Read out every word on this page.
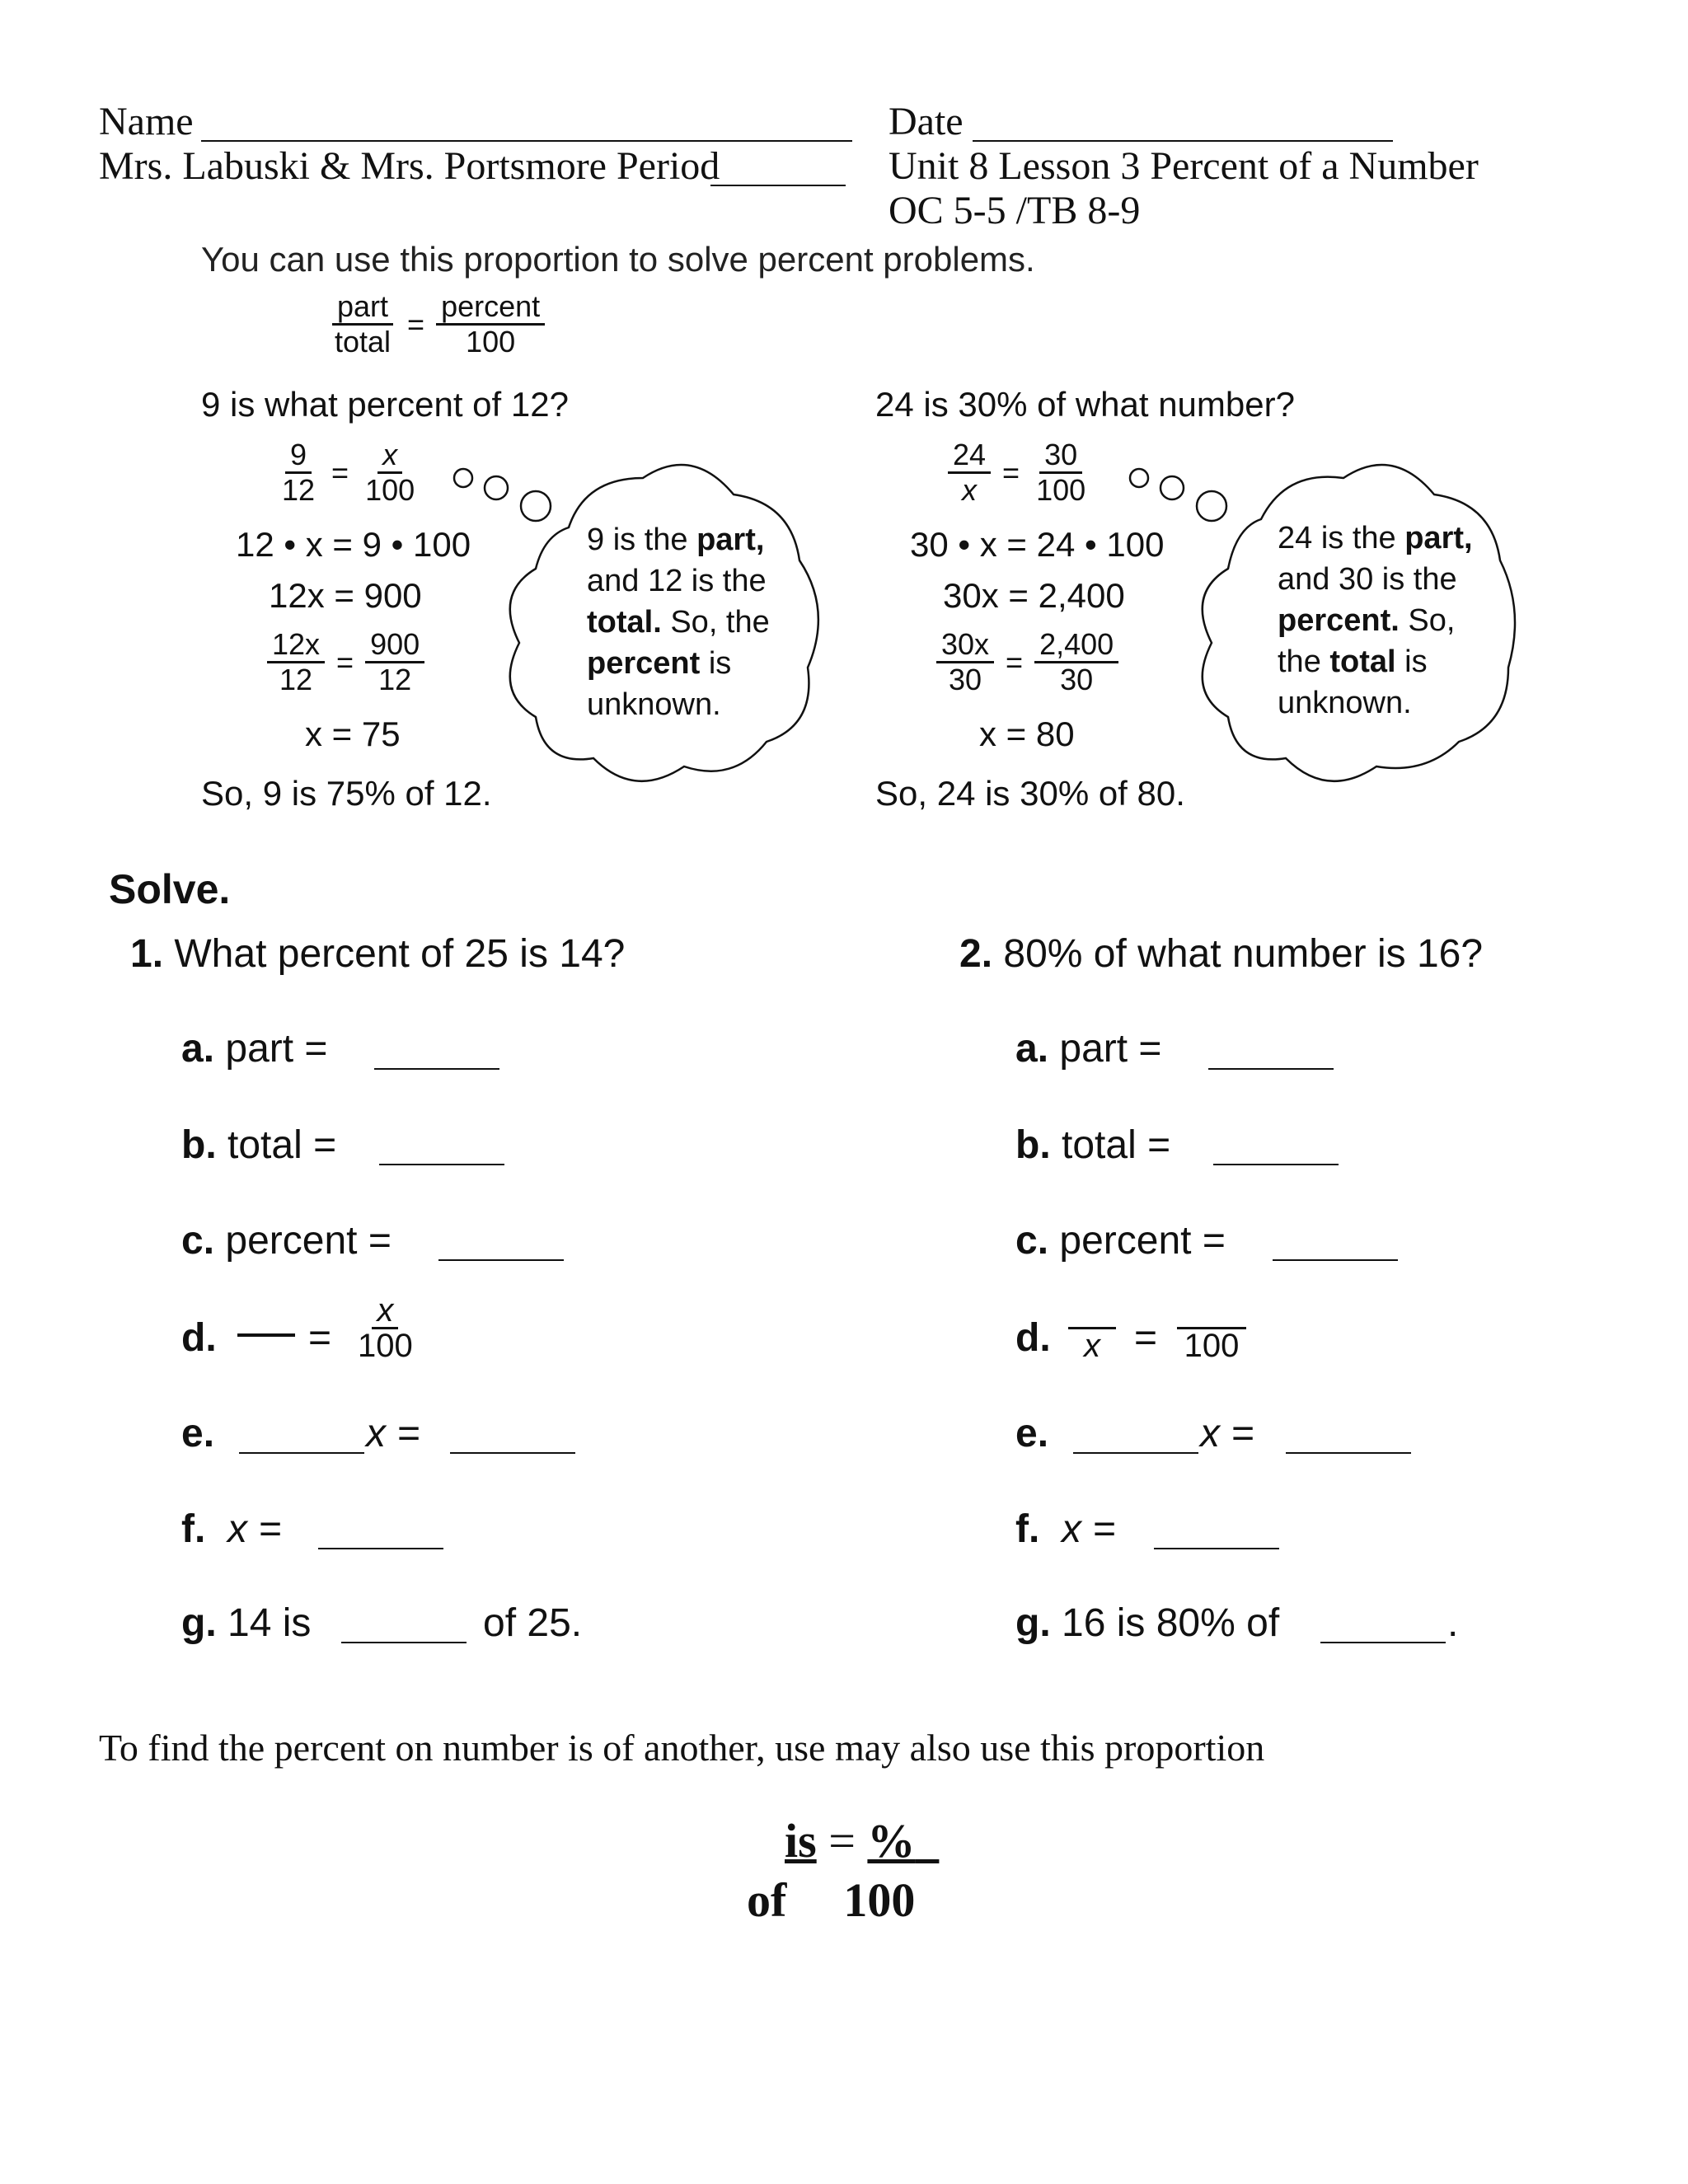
Name	Date
Mrs. Labuski & Mrs. Portsmore Period	Unit 8 Lesson 3 Percent of a Number
OC 5-5 /TB 8-9
You can use this proportion to solve percent problems.
$\frac{\text{part}}{\text{total}} = \frac{\text{percent}}{100}$
9 is what percent of 12?
$\frac{9}{12} = \frac{x}{100}$
12 • x = 9 • 100
12x = 900
$\frac{12x}{12} = \frac{900}{12}$
x = 75
So, 9 is 75% of 12.
9 is the part,
and 12 is the
total. So, the
percent is
unknown.
24 is 30% of what number?
$\frac{24}{x} = \frac{30}{100}$
30 • x = 24 • 100
30x = 2,400
$\frac{30x}{30} = \frac{2,400}{30}$
x = 80
So, 24 is 30% of 80.
24 is the part,
and 30 is the
percent. So,
the total is
unknown.
Solve.
1. What percent of 25 is 14?
a. part =
b. total =
c. percent =
d. = $\frac{x}{100}$
e.	x =
f. x =
g. 14 is	of 25.
2. 80% of what number is 16?
a. part =
b. total =
c. percent =
d. x = 100
e.	x =
f. x =
g. 16 is 80% of	.
To find the percent on number is of another, use may also use this proportion
is = %
of 100
